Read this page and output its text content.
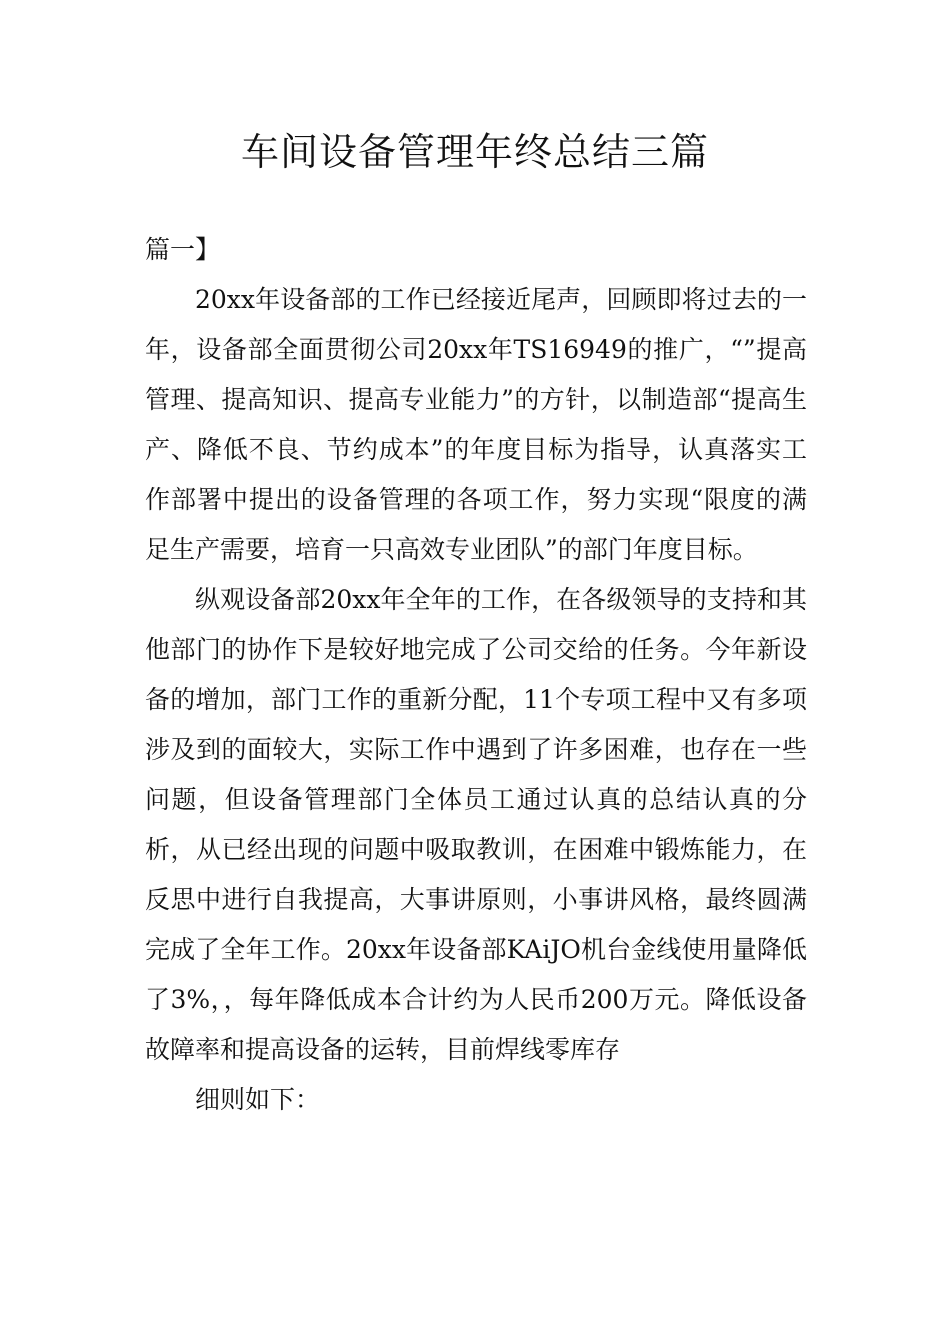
车间设备管理年终总结三篇

篇一】

20xx年设备部的工作已经接近尾声，回顾即将过去的一年，设备部全面贯彻公司20xx年TS16949的推广，“”提高管理、提高知识、提高专业能力”的方针，以制造部“提高生产、降低不良、节约成本”的年度目标为指导，认真落实工作部署中提出的设备管理的各项工作，努力实现“限度的满足生产需要，培育一只高效专业团队”的部门年度目标。

纵观设备部20xx年全年的工作，在各级领导的支持和其他部门的协作下是较好地完成了公司交给的任务。今年新设备的增加，部门工作的重新分配，11个专项工程中又有多项涉及到的面较大，实际工作中遇到了许多困难，也存在一些问题，但设备管理部门全体员工通过认真的总结认真的分析，从已经出现的问题中吸取教训，在困难中锻炼能力，在反思中进行自我提高，大事讲原则，小事讲风格，最终圆满完成了全年工作。20xx年设备部KAiJO机台金线使用量降低了3%，，每年降低成本合计约为人民币200万元。降低设备故障率和提高设备的运转，目前焊线零库存

细则如下：
